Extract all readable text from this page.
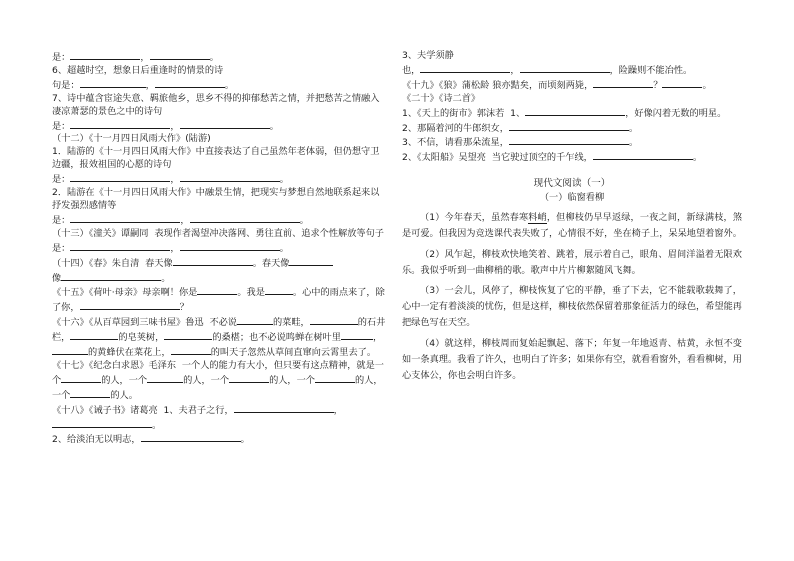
是：	，	。
6、超越时空，想象日后重逢时的情景的诗
句是：	，	。
7、诗中蕴含宦途失意、羁旅他乡，思乡不得的抑郁愁苦之情，并把愁苦之情融入凄凉萧瑟的景色之中的诗句
是：	，	。
（十二）《十一月四日风雨大作》(陆游)
1．陆游的《十一月四日风雨大作》中直接表达了自己虽然年老体弱，但仍想守卫边疆，报效祖国的心愿的诗句
是：	，	。
2．陆游在《十一月四日风雨大作》中融景生情，把现实与梦想自然地联系起来以抒发强烈感情等
是：	，	。
（十三）《潼关》谭嗣同 表现作者渴望冲决落网、勇往直前、追求个性解放等句子是：	，	。
（十四）《春》朱自清 春天像	。春天像
像	。
《十五》《荷叶·母亲》母亲啊！你是	。我是	。心中的雨点来了，除了你，	？
《十六》《从百草园到三味书屋》鲁迅 不必说	的菜畦，	的石井栏，	的皂荚树，	的桑椹；也不必说鸣蝉在树叶里	，的黄蜂伏在菜花上，	的叫天子忽然从草间直窜向云霄里去了。
《十七》《纪念白求恩》毛泽东 一个人的能力有大小，但只要有这点精神，就是一个	的人，一个	的人，一个	的人，一个	的人，一个	的人。
《十八》《诫子书》诸葛亮 1、夫君子之行，	，。
2、给淡泊无以明志，	。
3、夫学须静
也，	，	，险躁则不能冶性。
《十九》《狼》蒲松龄 狼亦黠矣，而顷刻两毙，	？	。
《二十》《诗二首》
1、《天上的街市》郭沫若 1、	，好像闪着无数的明星。
2、那隔着河的牛郎织女，	。
3、不信，请看那朵流星，	。
2、《太阳船》吴望亮 当它驶过顶空的千乍线，	。
现代文阅读（一）
（一）临窗看柳

（1）今年春天，虽然春寒料峭，但柳枝仍早早返绿，一夜之间，新绿满枝，煞是可爱。但我因为竞选课代表失败了，心情很不好，坐在椅子上，呆呆地望着窗外。

（2）风乍起，柳枝欢快地笑着、跳着，展示着自己，眼角、眉间洋溢着无限欢乐。我似乎听到一曲柳梢的歌。歌声中片片柳絮随风飞舞。

（3）一会儿，风停了，柳枝恢复了它的平静，垂了下去，它不能载歌载舞了，心中一定有着淡淡的忧伤，但是这样，柳枝依然保留着那象征活力的绿色，希望能再把绿色写在天空。

（4）就这样，柳枝周而复始起飘起、落下；年复一年地返青、枯黄，永恒不变如一条真理。我看了许久，也明白了许多；如果你有空，就看看窗外，看看柳树，用心支体公，你也会明白许多。
